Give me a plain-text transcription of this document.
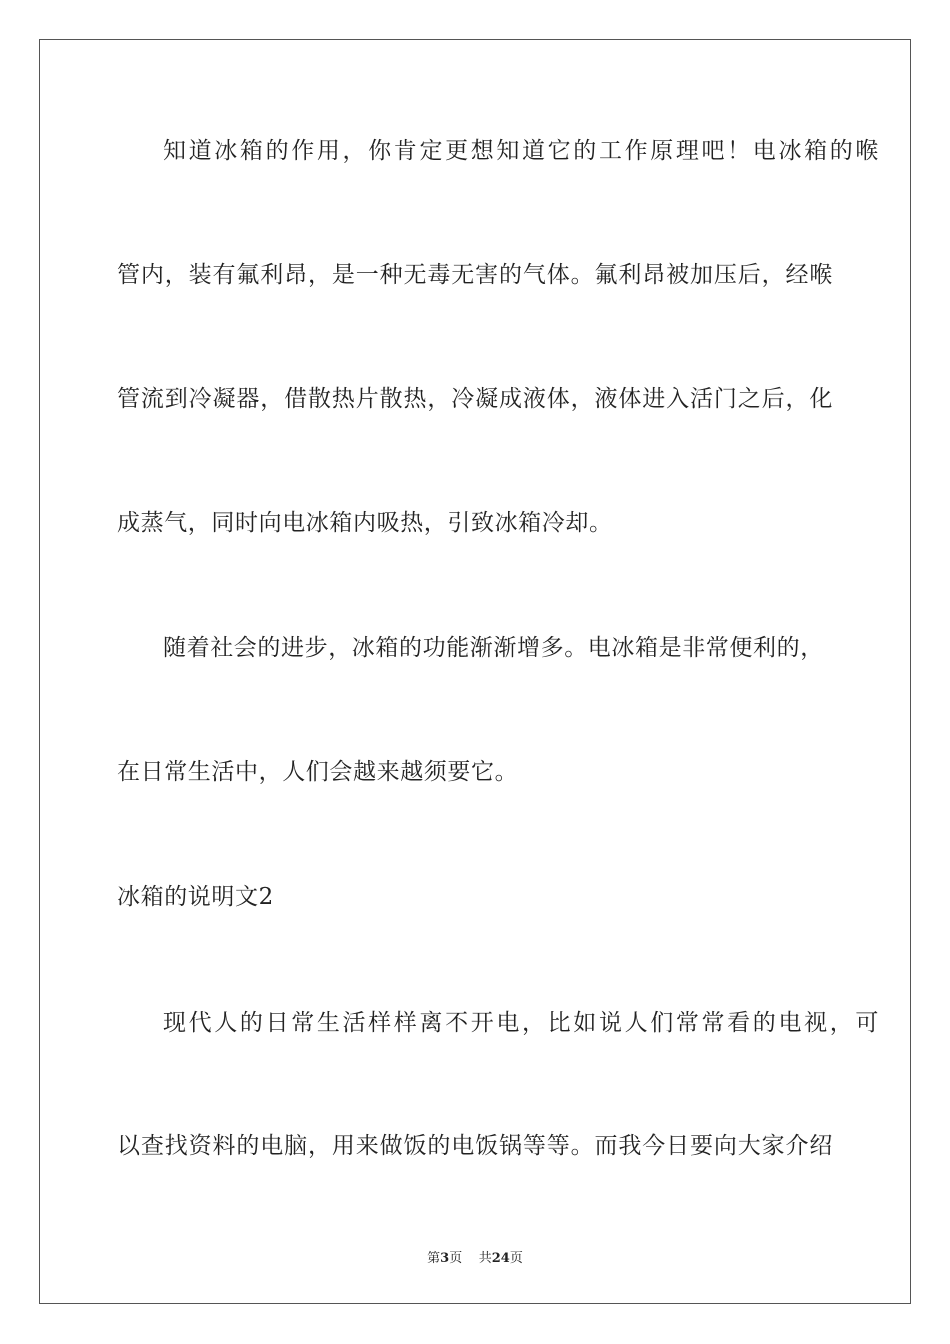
知道冰箱的作用，你肯定更想知道它的工作原理吧！电冰箱的喉
管内，装有氟利昂，是一种无毒无害的气体。氟利昂被加压后，经喉
管流到冷凝器，借散热片散热，冷凝成液体，液体进入活门之后，化
成蒸气，同时向电冰箱内吸热，引致冰箱冷却。
随着社会的进步，冰箱的功能渐渐增多。电冰箱是非常便利的，
在日常生活中，人们会越来越须要它。
冰箱的说明文2
现代人的日常生活样样离不开电，比如说人们常常看的电视，可
以查找资料的电脑，用来做饭的电饭锅等等。而我今日要向大家介绍
第3页 共24页
